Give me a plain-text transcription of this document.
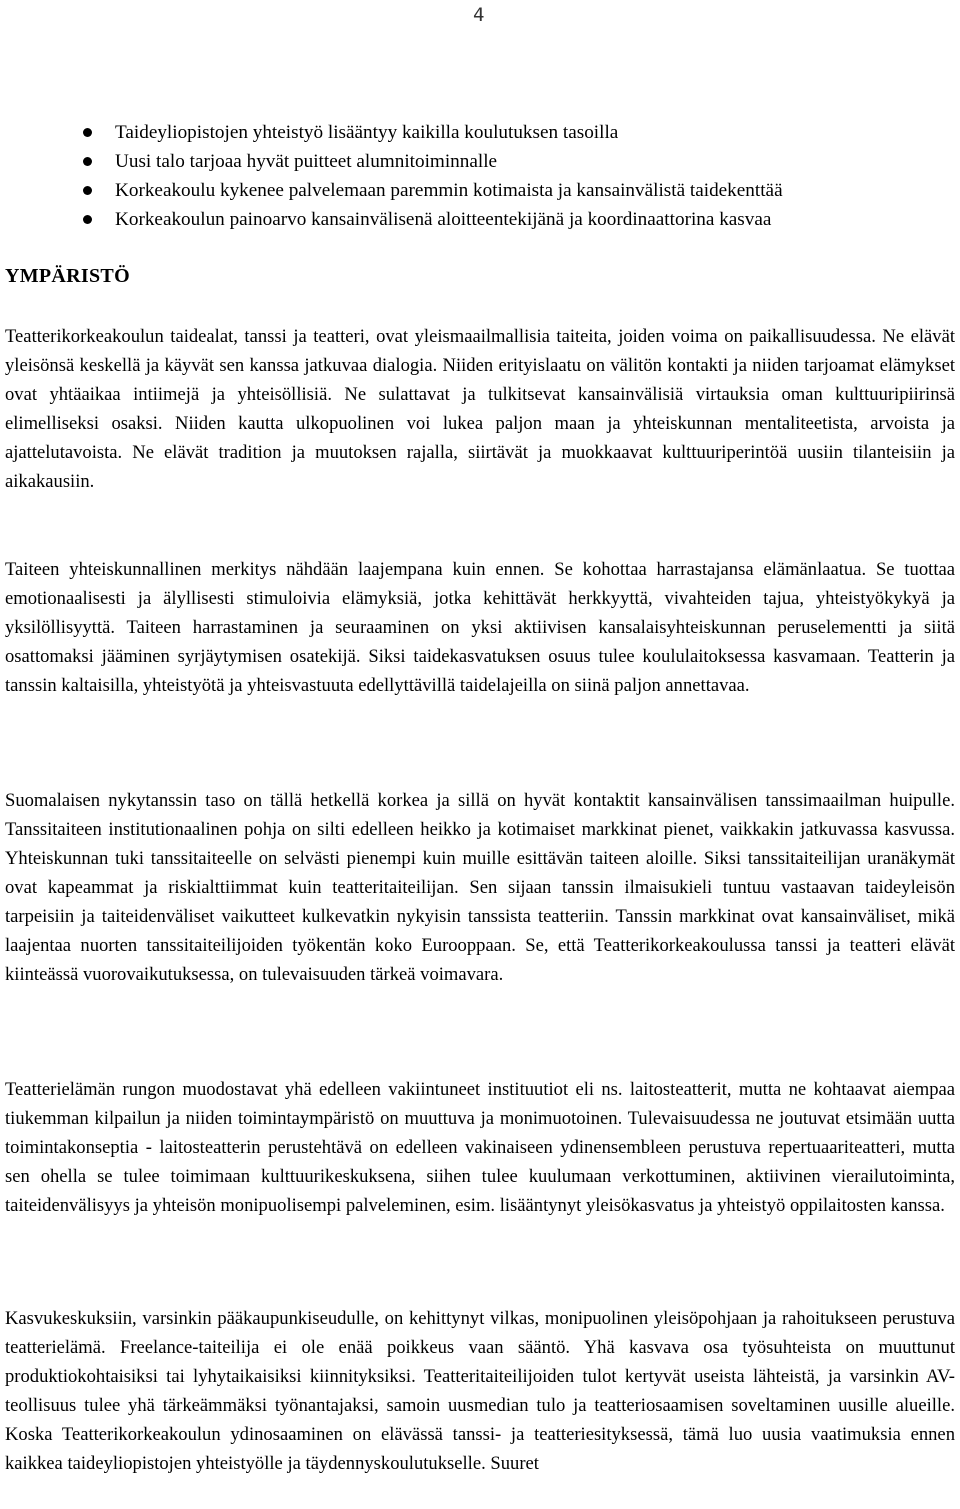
4
Taideyliopistojen yhteistyö lisääntyy kaikilla koulutuksen tasoilla
Uusi talo tarjoaa hyvät puitteet alumnitoiminnalle
Korkeakoulu kykenee palvelemaan paremmin kotimaista ja kansainvälistä taidekenttää
Korkeakoulun painoarvo kansainvälisenä aloitteentekijänä ja koordinaattorina kasvaa
YMPÄRISTÖ

Teatterikorkeakoulun taidealat, tanssi ja teatteri, ovat yleismaailmallisia taiteita, joiden voima on paikallisuudessa. Ne elävät yleisönsä keskellä ja käyvät sen kanssa jatkuvaa dialogia. Niiden erityislaatu on välitön kontakti ja niiden tarjoamat elämykset ovat yhtäaikaa intiimejä ja yhteisöllisiä. Ne sulattavat ja tulkitsevat kansainvälisiä virtauksia oman kulttuuripiirinsä elimelliseksi osaksi. Niiden kautta ulkopuolinen voi lukea paljon maan ja yhteiskunnan mentaliteetista, arvoista ja ajattelutavoista. Ne elävät tradition ja muutoksen rajalla, siirtävät ja muokkaavat kulttuuriperintöä uusiin tilanteisiin ja aikakausiin.

Taiteen yhteiskunnallinen merkitys nähdään laajempana kuin ennen. Se kohottaa harrastajansa elämänlaatua. Se tuottaa emotionaalisesti ja älyllisesti stimuloivia elämyksiä, jotka kehittävät herkkyyttä, vivahteiden tajua, yhteistyökykyä ja yksilöllisyyttä. Taiteen harrastaminen ja seuraaminen on yksi aktiivisen kansalaisyhteiskunnan peruselementti ja siitä osattomaksi jääminen syrjäytymisen osatekijä. Siksi taidekasvatuksen osuus tulee koululaitoksessa kasvamaan. Teatterin ja tanssin kaltaisilla, yhteistyötä ja yhteisvastuuta edellyttävillä taidelajeilla on siinä paljon annettavaa.

Suomalaisen nykytanssin taso on tällä hetkellä korkea ja sillä on hyvät kontaktit kansainvälisen tanssimaailman huipulle. Tanssitaiteen institutionaalinen pohja on silti edelleen heikko ja kotimaiset markkinat pienet, vaikkakin jatkuvassa kasvussa. Yhteiskunnan tuki tanssitaiteelle on selvästi pienempi kuin muille esittävän taiteen aloille. Siksi tanssitaiteilijan uranäkymät ovat kapeammat ja riskialttiimmat kuin teatteritaiteilijan. Sen sijaan tanssin ilmaisukieli tuntuu vastaavan taideyleisön tarpeisiin ja taiteidenväliset vaikutteet kulkevatkin nykyisin tanssista teatteriin. Tanssin markkinat ovat kansainväliset, mikä laajentaa nuorten tanssitaiteilijoiden työkentän koko Eurooppaan. Se, että Teatterikorkeakoulussa tanssi ja teatteri elävät kiinteässä vuorovaikutuksessa, on tulevaisuuden tärkeä voimavara.

Teatterielämän rungon muodostavat yhä edelleen vakiintuneet instituutiot eli ns. laitosteatterit, mutta ne kohtaavat aiempaa tiukemman kilpailun ja niiden toimintaympäristö on muuttuva ja monimuotoinen. Tulevaisuudessa ne joutuvat etsimään uutta toimintakonseptia - laitosteatterin perustehtävä on edelleen vakinaiseen ydinensembleen perustuva repertuaariteatteri, mutta sen ohella se tulee toimimaan kulttuurikeskuksena, siihen tulee kuulumaan verkottuminen, aktiivinen vierailutoiminta, taiteidenvälisyys ja yhteisön monipuolisempi palveleminen, esim. lisääntynyt yleisökasvatus ja yhteistyö oppilaitosten kanssa.

Kasvukeskuksiin, varsinkin pääkaupunkiseudulle, on kehittynyt vilkas, monipuolinen yleisöpohjaan ja rahoitukseen perustuva teatterielämä. Freelance-taiteilija ei ole enää poikkeus vaan sääntö. Yhä kasvava osa työsuhteista on muuttunut produktiokohtaisiksi tai lyhytaikaisiksi kiinnityksiksi. Teatteritaiteilijoiden tulot kertyvät useista lähteistä, ja varsinkin AV-teollisuus tulee yhä tärkeämmäksi työnantajaksi, samoin uusmedian tulo ja teatteriosaamisen soveltaminen uusille alueille. Koska Teatterikorkeakoulun ydinosaaminen on elävässä tanssi- ja teatteriesityksessä, tämä luo uusia vaatimuksia ennen kaikkea taideyliopistojen yhteistyölle ja täydennyskoulutukselle. Suuret
